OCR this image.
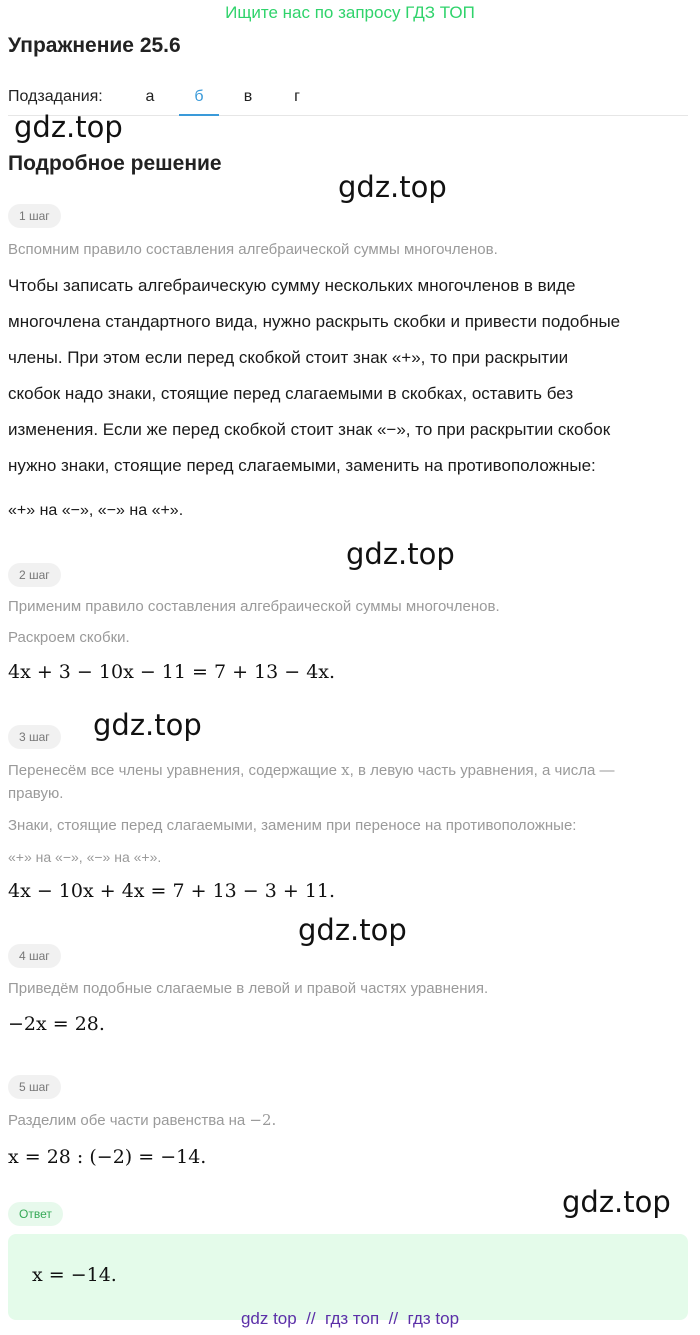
Ищите нас по запросу ГДЗ ТОП
Упражнение 25.6
Подзадания:	а	б	в	г
gdz.top
Подробное решение
gdz.top
1 шаг
Вспомним правило составления алгебраической суммы многочленов.
Чтобы записать алгебраическую сумму нескольких многочленов в виде
многочлена стандартного вида, нужно раскрыть скобки и привести подобные
члены. При этом если перед скобкой стоит знак «+», то при раскрытии
скобок надо знаки, стоящие перед слагаемыми в скобках, оставить без
изменения. Если же перед скобкой стоит знак «−», то при раскрытии скобок
нужно знаки, стоящие перед слагаемыми, заменить на противоположные:
«+» на «−», «−» на «+».
gdz.top
2 шаг
Применим правило составления алгебраической суммы многочленов.
Раскроем скобки.
4x + 3 − 10x − 11 = 7 + 13 − 4x.
gdz.top
3 шаг
Перенесём все члены уравнения, содержащие x, в левую часть уравнения, а числа —
правую.
Знаки, стоящие перед слагаемыми, заменим при переносе на противоположные:
«+» на «−», «−» на «+».
4x − 10x + 4x = 7 + 13 − 3 + 11.
gdz.top
4 шаг
Приведём подобные слагаемые в левой и правой частях уравнения.
−2x = 28.
5 шаг
Разделим обе части равенства на −2.
x = 28 : (−2) = −14.
gdz.top
Ответ
x = −14.
gdz top  //  гдз топ  //  гдз top
